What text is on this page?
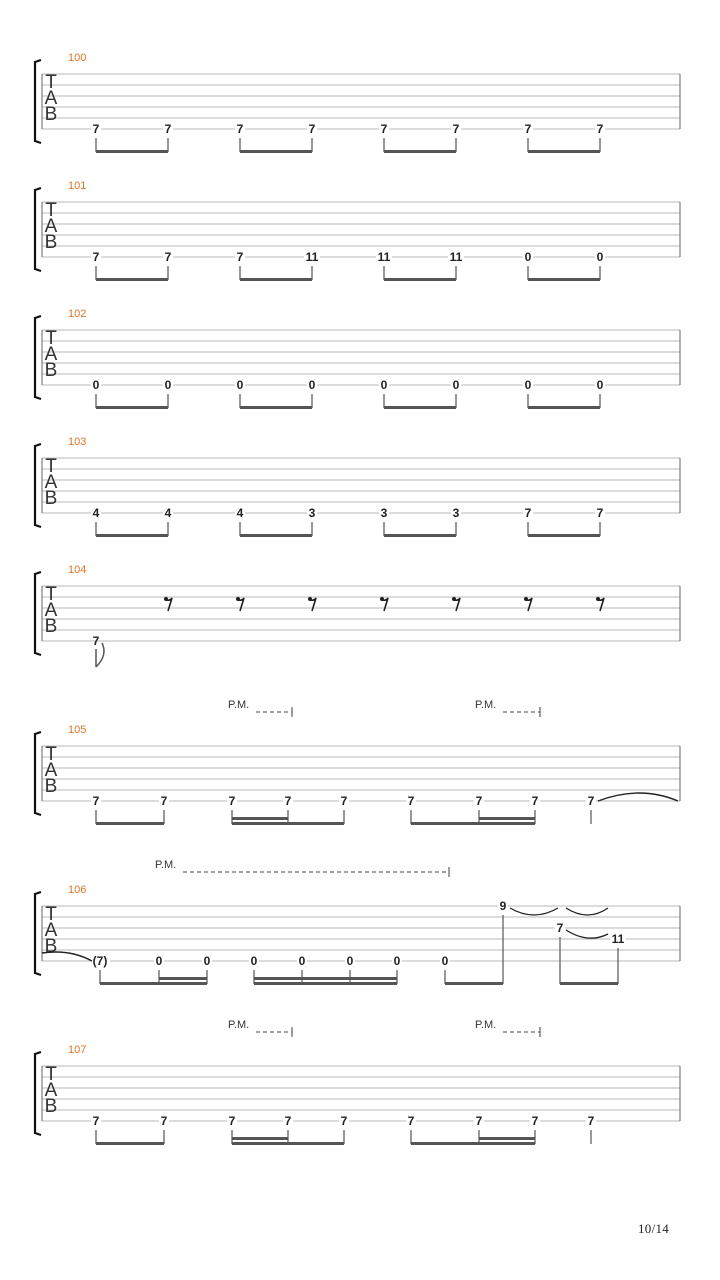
T
A
B
100
7	7	7	7	7	7	7	7
T
A
B
101
7	7	7	11	11	11	0	0
T
A
B
102
0	0	0	0	0	0	0	0
T
A
B
103
4	4	4	3	3	3	7	7
T
A
B
104
7
T
A
B
105
P.M.	P.M.
7	7	7	7	7	7	7	7	7
T
A
B
106
P.M.
(7)	0	0	0	0	0	0	0
9
7
11
T
A
B
107
P.M.	P.M.
7	7	7	7	7	7	7	7	7
10/14
